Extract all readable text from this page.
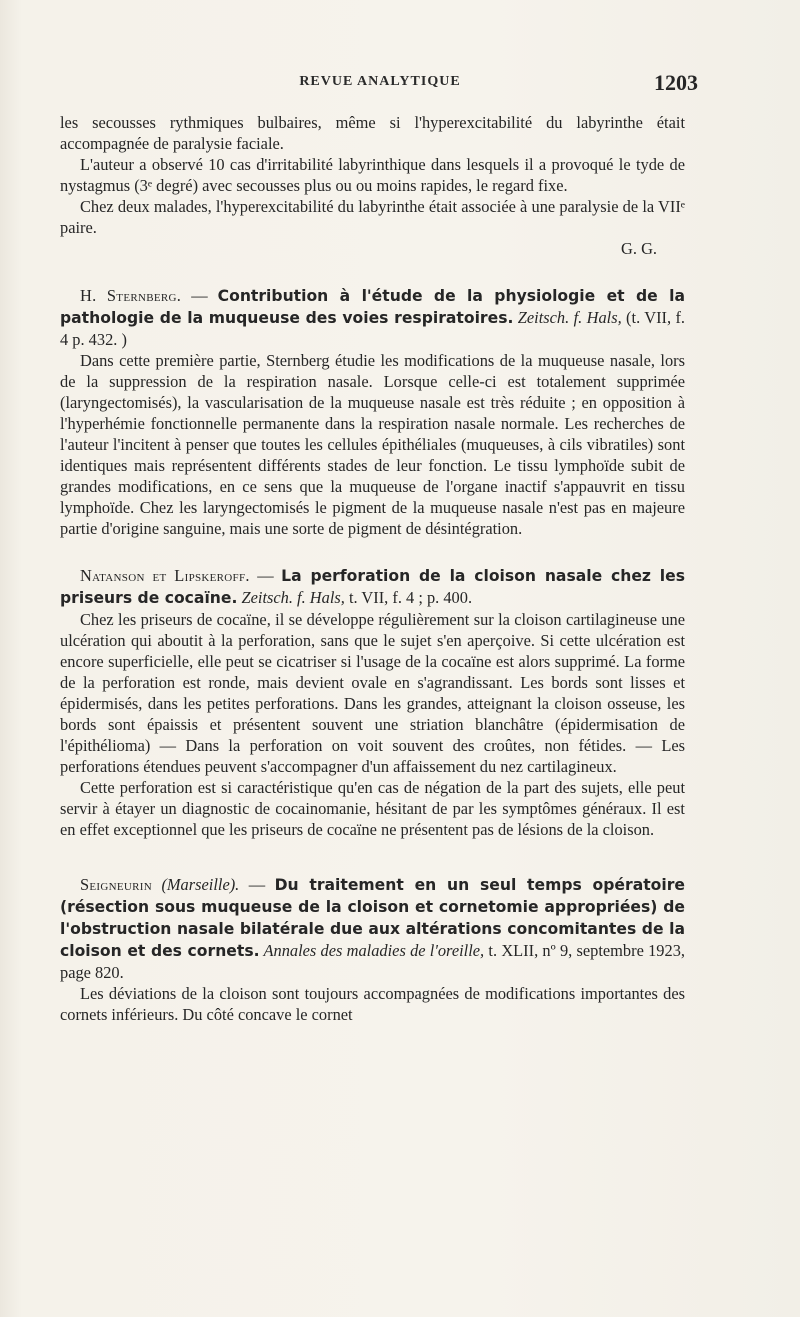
REVUE ANALYTIQUE	1203

les secousses rythmiques bulbaires, même si l'hyperexcitabilité du labyrinthe était accompagnée de paralysie faciale.

L'auteur a observé 10 cas d'irritabilité labyrinthique dans lesquels il a provoqué le tyde de nystagmus (3ᵉ degré) avec secousses plus ou ou moins rapides, le regard fixe.

Chez deux malades, l'hyperexcitabilité du labyrinthe était associée à une paralysie de la VIIᵉ paire.

G. G.

H. Sternberg. — Contribution à l'étude de la physiologie et de la pathologie de la muqueuse des voies respiratoires. Zeitsch. f. Hals, (t. VII, f. 4 p. 432. )

Dans cette première partie, Sternberg étudie les modifications de la muqueuse nasale, lors de la suppression de la respiration nasale. Lorsque celle-ci est totalement supprimée (laryngectomisés), la vascularisation de la muqueuse nasale est très réduite ; en opposition à l'hyperhémie fonctionnelle permanente dans la respiration nasale normale. Les recherches de l'auteur l'incitent à penser que toutes les cellules épithéliales (muqueuses, à cils vibratiles) sont identiques mais représentent différents stades de leur fonction. Le tissu lymphoïde subit de grandes modifications, en ce sens que la muqueuse de l'organe inactif s'appauvrit en tissu lymphoïde. Chez les laryngectomisés le pigment de la muqueuse nasale n'est pas en majeure partie d'origine sanguine, mais une sorte de pigment de désintégration.

Natanson et Lipskeroff. — La perforation de la cloison nasale chez les priseurs de cocaïne. Zeitsch. f. Hals, t. VII, f. 4 ; p. 400.

Chez les priseurs de cocaïne, il se développe régulièrement sur la cloison cartilagineuse une ulcération qui aboutit à la perforation, sans que le sujet s'en aperçoive. Si cette ulcération est encore superficielle, elle peut se cicatriser si l'usage de la cocaïne est alors supprimé. La forme de la perforation est ronde, mais devient ovale en s'agrandissant. Les bords sont lisses et épidermisés, dans les petites perforations. Dans les grandes, atteignant la cloison osseuse, les bords sont épaissis et présentent souvent une striation blanchâtre (épidermisation de l'épithélioma) — Dans la perforation on voit souvent des croûtes, non fétides. — Les perforations étendues peuvent s'accompagner d'un affaissement du nez cartilagineux.

Cette perforation est si caractéristique qu'en cas de négation de la part des sujets, elle peut servir à étayer un diagnostic de cocainomanie, hésitant de par les symptômes généraux. Il est en effet exceptionnel que les priseurs de cocaïne ne présentent pas de lésions de la cloison.

Seigneurin (Marseille). — Du traitement en un seul temps opératoire (résection sous muqueuse de la cloison et cornetomie appropriées) de l'obstruction nasale bilatérale due aux altérations concomitantes de la cloison et des cornets. Annales des maladies de l'oreille, t. XLII, nº 9, septembre 1923, page 820.

Les déviations de la cloison sont toujours accompagnées de modifications importantes des cornets inférieurs. Du côté concave le cornet
